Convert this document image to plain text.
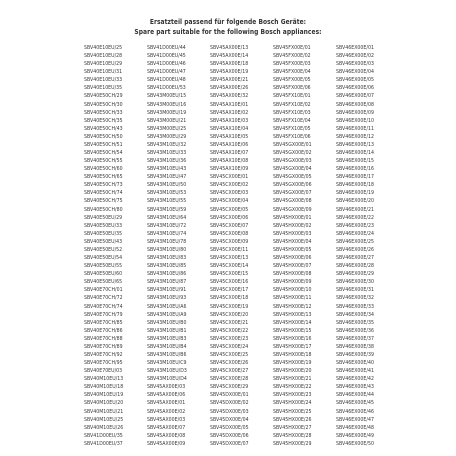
Ersatzteil passend für folgende Bosch Geräte:
Spare part suitable for the following Bosch appliances:
SBV40E10EU/25
SBV40E10EU/28
SBV40E10EU/29
SBV40E10EU/31
SBV40E10EU/33
SBV40E10EU/35
SBV40E50CH/29
SBV40E50CH/30
SBV40E50CH/33
SBV40E50CH/35
SBV40E50CH/43
SBV40E50CH/50
SBV40E50CH/51
SBV40E50CH/54
SBV40E50CH/55
SBV40E50CH/60
SBV40E50CH/65
SBV40E50CH/73
SBV40E50CH/74
SBV40E50CH/75
SBV40E50CH/80
SBV40E50EU/29
SBV40E50EU/33
SBV40E50EU/35
SBV40E50EU/43
SBV40E50EU/52
SBV40E50EU/54
SBV40E50EU/55
SBV40E50EU/60
SBV40E50EU/65
SBV40E70CH/01
SBV40E70CH/72
SBV40E70CH/74
SBV40E70CH/79
SBV40E70CH/85
SBV40E70CH/86
SBV40E70CH/88
SBV40E70CH/89
SBV40E70CH/92
SBV40E70CH/95
SBV40E70EU/03
SBV40M10EU/13
SBV40M10EU/18
SBV40M10EU/19
SBV40M10EU/20
SBV40M10EU/21
SBV40M10EU/25
SBV40M10EU/26
SBV41D00EU/35
SBV41D00EU/37
SBV41D00EU/44
SBV41D00EU/45
SBV41D00EU/46
SBV41D00EU/47
SBV41D00EU/48
SBV41D00EU/53
SBV43M00EU/15
SBV43M00EU/16
SBV43M00EU/19
SBV43M00EU/21
SBV43M00EU/25
SBV43M00EU/29
SBV43M10EU/32
SBV43M10EU/33
SBV43M10EU/36
SBV43M10EU/43
SBV43M10EU/47
SBV43M10EU/50
SBV43M10EU/53
SBV43M10EU/55
SBV43M10EU/59
SBV43M10EU/64
SBV43M10EU/72
SBV43M10EU/74
SBV43M10EU/78
SBV43M10EU/80
SBV43M10EU/83
SBV43M10EU/85
SBV43M10EU/86
SBV43M10EU/87
SBV43M10EU/91
SBV43M10EU/93
SBV43M10EU/A6
SBV43M10EU/A9
SBV43M10EU/B0
SBV43M10EU/B1
SBV43M10EU/B3
SBV43M10EU/B4
SBV43M10EU/B6
SBV43M10EU/C9
SBV43M10EU/D3
SBV43M10EU/D4
SBV45AX00E/03
SBV45AX00E/06
SBV45AX00E/01
SBV45AX00E/02
SBV45AX00E/03
SBV45AX00E/07
SBV45AX00E/08
SBV45AX00E/09
SBV45AX00E/13
SBV45AX00E/14
SBV45AX00E/18
SBV45AX00E/19
SBV45AX00E/21
SBV45AX00E/26
SBV45AX00E/32
SBV45AX10E/01
SBV45AX10E/02
SBV45AX10E/03
SBV45AX10E/04
SBV45AX10E/05
SBV45AX10E/06
SBV45AX10E/07
SBV45AX10E/08
SBV45AX10E/09
SBV45CX00E/01
SBV45CX00E/02
SBV45CX00E/03
SBV45CX00E/04
SBV45CX00E/05
SBV45CX00E/06
SBV45CX00E/07
SBV45CX00E/08
SBV45CX00E/09
SBV45CX00E/11
SBV45CX00E/13
SBV45CX00E/14
SBV45CX00E/15
SBV45CX00E/16
SBV45CX00E/17
SBV45CX00E/18
SBV45CX00E/19
SBV45CX00E/20
SBV45CX00E/21
SBV45CX00E/22
SBV45CX00E/23
SBV45CX00E/24
SBV45CX00E/25
SBV45CX00E/26
SBV45CX00E/27
SBV45CX00E/28
SBV45CX00E/29
SBV45DX00E/01
SBV45DX00E/02
SBV45DX00E/03
SBV45DX00E/04
SBV45DX00E/05
SBV45DX00E/06
SBV45DX00E/07
SBV45FX00E/01
SBV45FX00E/02
SBV45FX00E/03
SBV45FX00E/04
SBV45FX00E/05
SBV45FX00E/06
SBV45FX10E/01
SBV45FX10E/02
SBV45FX10E/03
SBV45FX10E/04
SBV45FX10E/05
SBV45FX10E/06
SBV45GX00E/01
SBV45GX00E/02
SBV45GX00E/03
SBV45GX00E/04
SBV45GX00E/05
SBV45GX00E/06
SBV45GX00E/07
SBV45GX00E/08
SBV45GX00E/09
SBV45HX00E/01
SBV45HX00E/02
SBV45HX00E/03
SBV45HX00E/04
SBV45HX00E/05
SBV45HX00E/06
SBV45HX00E/07
SBV45HX00E/08
SBV45HX00E/09
SBV45HX00E/10
SBV45HX00E/11
SBV45HX00E/12
SBV45HX00E/13
SBV45HX00E/14
SBV45HX00E/15
SBV45HX00E/16
SBV45HX00E/17
SBV45HX00E/18
SBV45HX00E/19
SBV45HX00E/20
SBV45HX00E/21
SBV45HX00E/22
SBV45HX00E/23
SBV45HX00E/24
SBV45HX00E/25
SBV45HX00E/26
SBV45HX00E/27
SBV45HX00E/28
SBV45HX00E/29
SBV46EX00E/01
SBV46EX00E/02
SBV46EX00E/03
SBV46EX00E/04
SBV46EX00E/05
SBV46EX00E/06
SBV46EX00E/07
SBV46EX00E/08
SBV46EX00E/09
SBV46EX00E/10
SBV46EX00E/11
SBV46EX00E/12
SBV46EX00E/13
SBV46EX00E/14
SBV46EX00E/15
SBV46EX00E/16
SBV46EX00E/17
SBV46EX00E/18
SBV46EX00E/19
SBV46EX00E/20
SBV46EX00E/21
SBV46EX00E/22
SBV46EX00E/23
SBV46EX00E/24
SBV46EX00E/25
SBV46EX00E/26
SBV46EX00E/27
SBV46EX00E/28
SBV46EX00E/29
SBV46EX00E/30
SBV46EX00E/31
SBV46EX00E/32
SBV46EX00E/33
SBV46EX00E/34
SBV46EX00E/35
SBV46EX00E/36
SBV46EX00E/37
SBV46EX00E/38
SBV46EX00E/39
SBV46EX00E/40
SBV46EX00E/41
SBV46EX00E/42
SBV46EX00E/43
SBV46EX00E/44
SBV46EX00E/45
SBV46EX00E/46
SBV46EX00E/47
SBV46EX00E/48
SBV46EX00E/49
SBV46EX00E/50
